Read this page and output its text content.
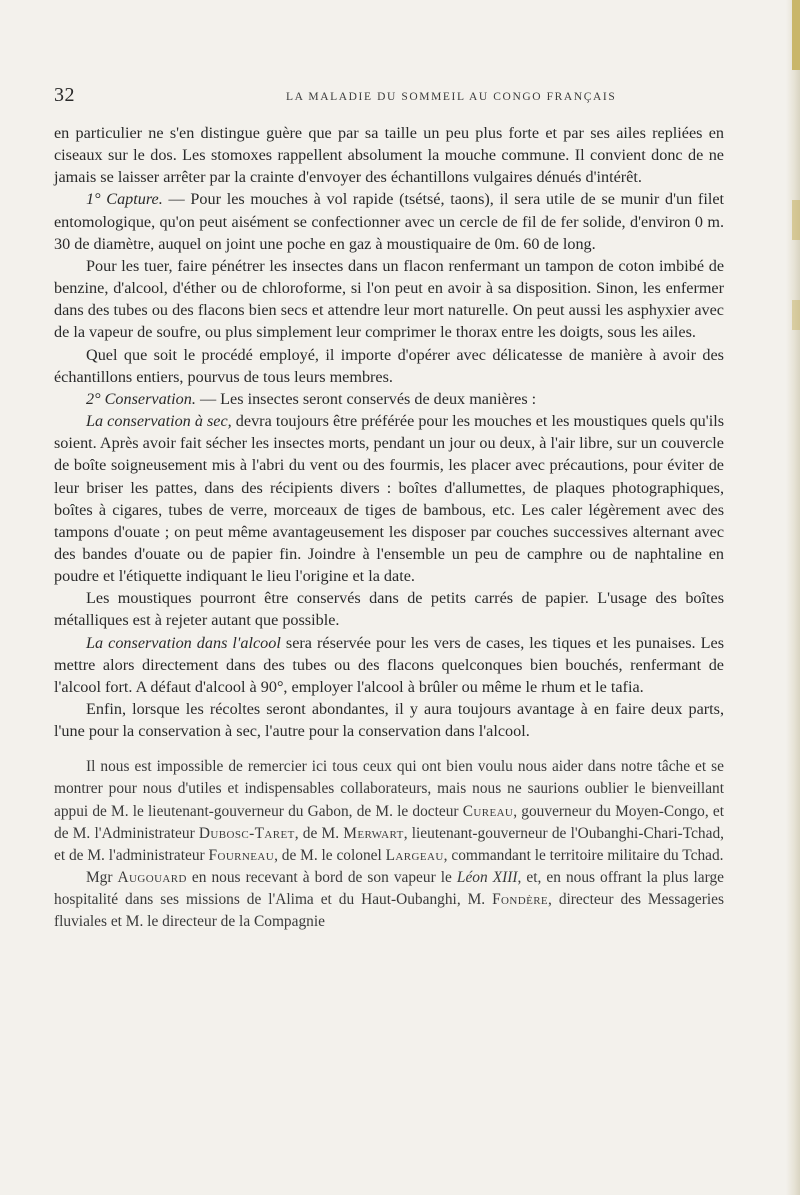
32	LA MALADIE DU SOMMEIL AU CONGO FRANÇAIS

en particulier ne s'en distingue guère que par sa taille un peu plus forte et par ses ailes repliées en ciseaux sur le dos. Les stomoxes rappellent absolument la mouche commune. Il convient donc de ne jamais se laisser arrêter par la crainte d'envoyer des échantillons vulgaires dénués d'intérêt.

1° Capture. — Pour les mouches à vol rapide (tsétsé, taons), il sera utile de se munir d'un filet entomologique, qu'on peut aisément se confectionner avec un cercle de fil de fer solide, d'environ 0 m. 30 de diamètre, auquel on joint une poche en gaz à moustiquaire de 0m. 60 de long.

Pour les tuer, faire pénétrer les insectes dans un flacon renfermant un tampon de coton imbibé de benzine, d'alcool, d'éther ou de chloroforme, si l'on peut en avoir à sa disposition. Sinon, les enfermer dans des tubes ou des flacons bien secs et attendre leur mort naturelle. On peut aussi les asphyxier avec de la vapeur de soufre, ou plus simplement leur comprimer le thorax entre les doigts, sous les ailes.

Quel que soit le procédé employé, il importe d'opérer avec délicatesse de manière à avoir des échantillons entiers, pourvus de tous leurs membres.

2° Conservation. — Les insectes seront conservés de deux manières :

La conservation à sec, devra toujours être préférée pour les mouches et les moustiques quels qu'ils soient. Après avoir fait sécher les insectes morts, pendant un jour ou deux, à l'air libre, sur un couvercle de boîte soigneusement mis à l'abri du vent ou des fourmis, les placer avec précautions, pour éviter de leur briser les pattes, dans des récipients divers : boîtes d'allumettes, de plaques photographiques, boîtes à cigares, tubes de verre, morceaux de tiges de bambous, etc. Les caler légèrement avec des tampons d'ouate ; on peut même avantageusement les disposer par couches successives alternant avec des bandes d'ouate ou de papier fin. Joindre à l'ensemble un peu de camphre ou de naphtaline en poudre et l'étiquette indiquant le lieu l'origine et la date.

Les moustiques pourront être conservés dans de petits carrés de papier. L'usage des boîtes métalliques est à rejeter autant que possible.

La conservation dans l'alcool sera réservée pour les vers de cases, les tiques et les punaises. Les mettre alors directement dans des tubes ou des flacons quelconques bien bouchés, renfermant de l'alcool fort. A défaut d'alcool à 90°, employer l'alcool à brûler ou même le rhum et le tafia.

Enfin, lorsque les récoltes seront abondantes, il y aura toujours avantage à en faire deux parts, l'une pour la conservation à sec, l'autre pour la conservation dans l'alcool.

Il nous est impossible de remercier ici tous ceux qui ont bien voulu nous aider dans notre tâche et se montrer pour nous d'utiles et indispensables collaborateurs, mais nous ne saurions oublier le bienveillant appui de M. le lieutenant-gouverneur du Gabon, de M. le docteur Cureau, gouverneur du Moyen-Congo, et de M. l'Administrateur Dubosc-Taret, de M. Merwart, lieutenant-gouverneur de l'Oubanghi-Chari-Tchad, et de M. l'administrateur Fourneau, de M. le colonel Largeau, commandant le territoire militaire du Tchad.

Mgr Augouard en nous recevant à bord de son vapeur le Léon XIII, et, en nous offrant la plus large hospitalité dans ses missions de l'Alima et du Haut-Oubanghi, M. Fondère, directeur des Messageries fluviales et M. le directeur de la Compagnie
